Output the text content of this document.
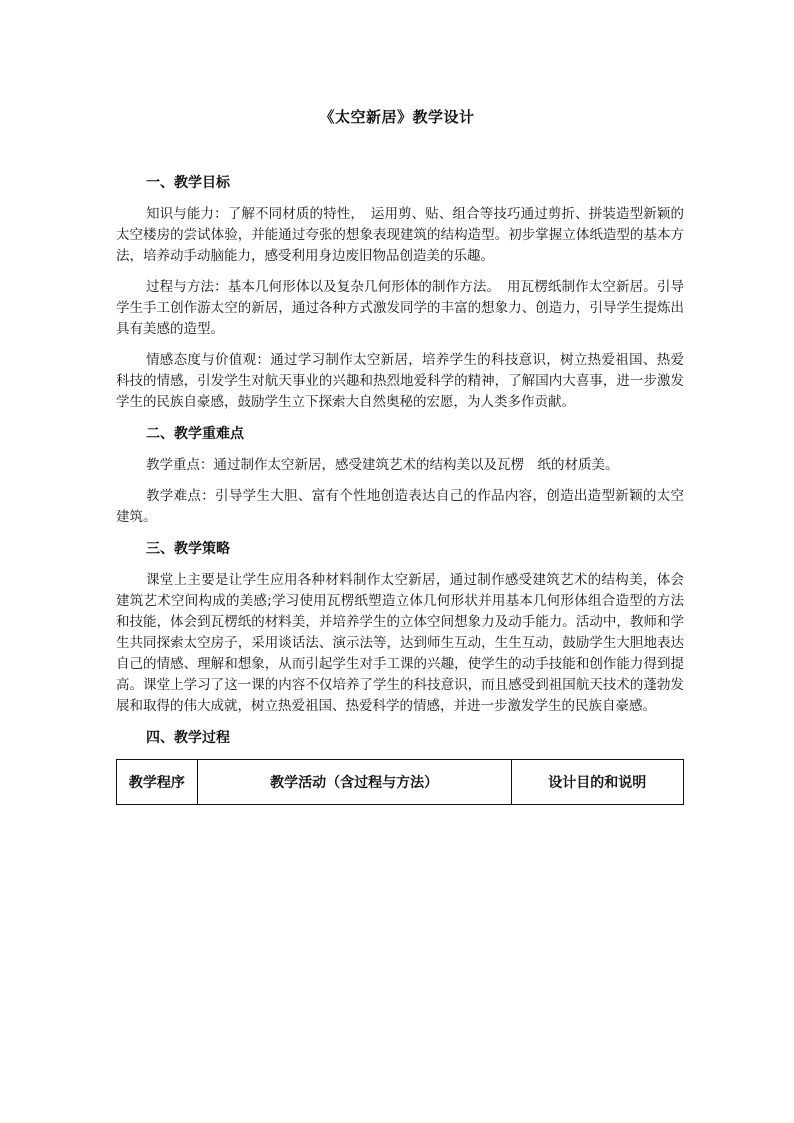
《太空新居》教学设计
一、教学目标

知识与能力：了解不同材质的特性，　运用剪、贴、组合等技巧通过剪折、拼装造型新颖的太空楼房的尝试体验，并能通过夸张的想象表现建筑的结构造型。初步掌握立体纸造型的基本方法，培养动手动脑能力，感受利用身边废旧物品创造美的乐趣。

过程与方法：基本几何形体以及复杂几何形体的制作方法。　用瓦楞纸制作太空新居。引导学生手工创作游太空的新居，通过各种方式激发同学的丰富的想象力、创造力，引导学生提炼出具有美感的造型。

情感态度与价值观：通过学习制作太空新居，培养学生的科技意识，树立热爱祖国、热爱科技的情感，引发学生对航天事业的兴趣和热烈地爱科学的精神，了解国内大喜事，进一步激发学生的民族自豪感，鼓励学生立下探索大自然奥秘的宏愿，为人类多作贡献。

二、教学重难点

教学重点：通过制作太空新居，感受建筑艺术的结构美以及瓦楞　纸的材质美。

教学难点：引导学生大胆、富有个性地创造表达自己的作品内容，创造出造型新颖的太空建筑。

三、教学策略

课堂上主要是让学生应用各种材料制作太空新居，通过制作感受建筑艺术的结构美，体会建筑艺术空间构成的美感;学习使用瓦楞纸塑造立体几何形状并用基本几何形体组合造型的方法和技能，体会到瓦楞纸的材料美，并培养学生的立体空间想象力及动手能力。活动中，教师和学生共同探索太空房子，采用谈话法、演示法等，达到师生互动，生生互动，鼓励学生大胆地表达自己的情感、理解和想象，从而引起学生对手工课的兴趣，使学生的动手技能和创作能力得到提高。课堂上学习了这一课的内容不仅培养了学生的科技意识，而且感受到祖国航天技术的蓬勃发展和取得的伟大成就，树立热爱祖国、热爱科学的情感，并进一步激发学生的民族自豪感。

四、教学过程
教学程序	教学活动（含过程与方法）	设计目的和说明
